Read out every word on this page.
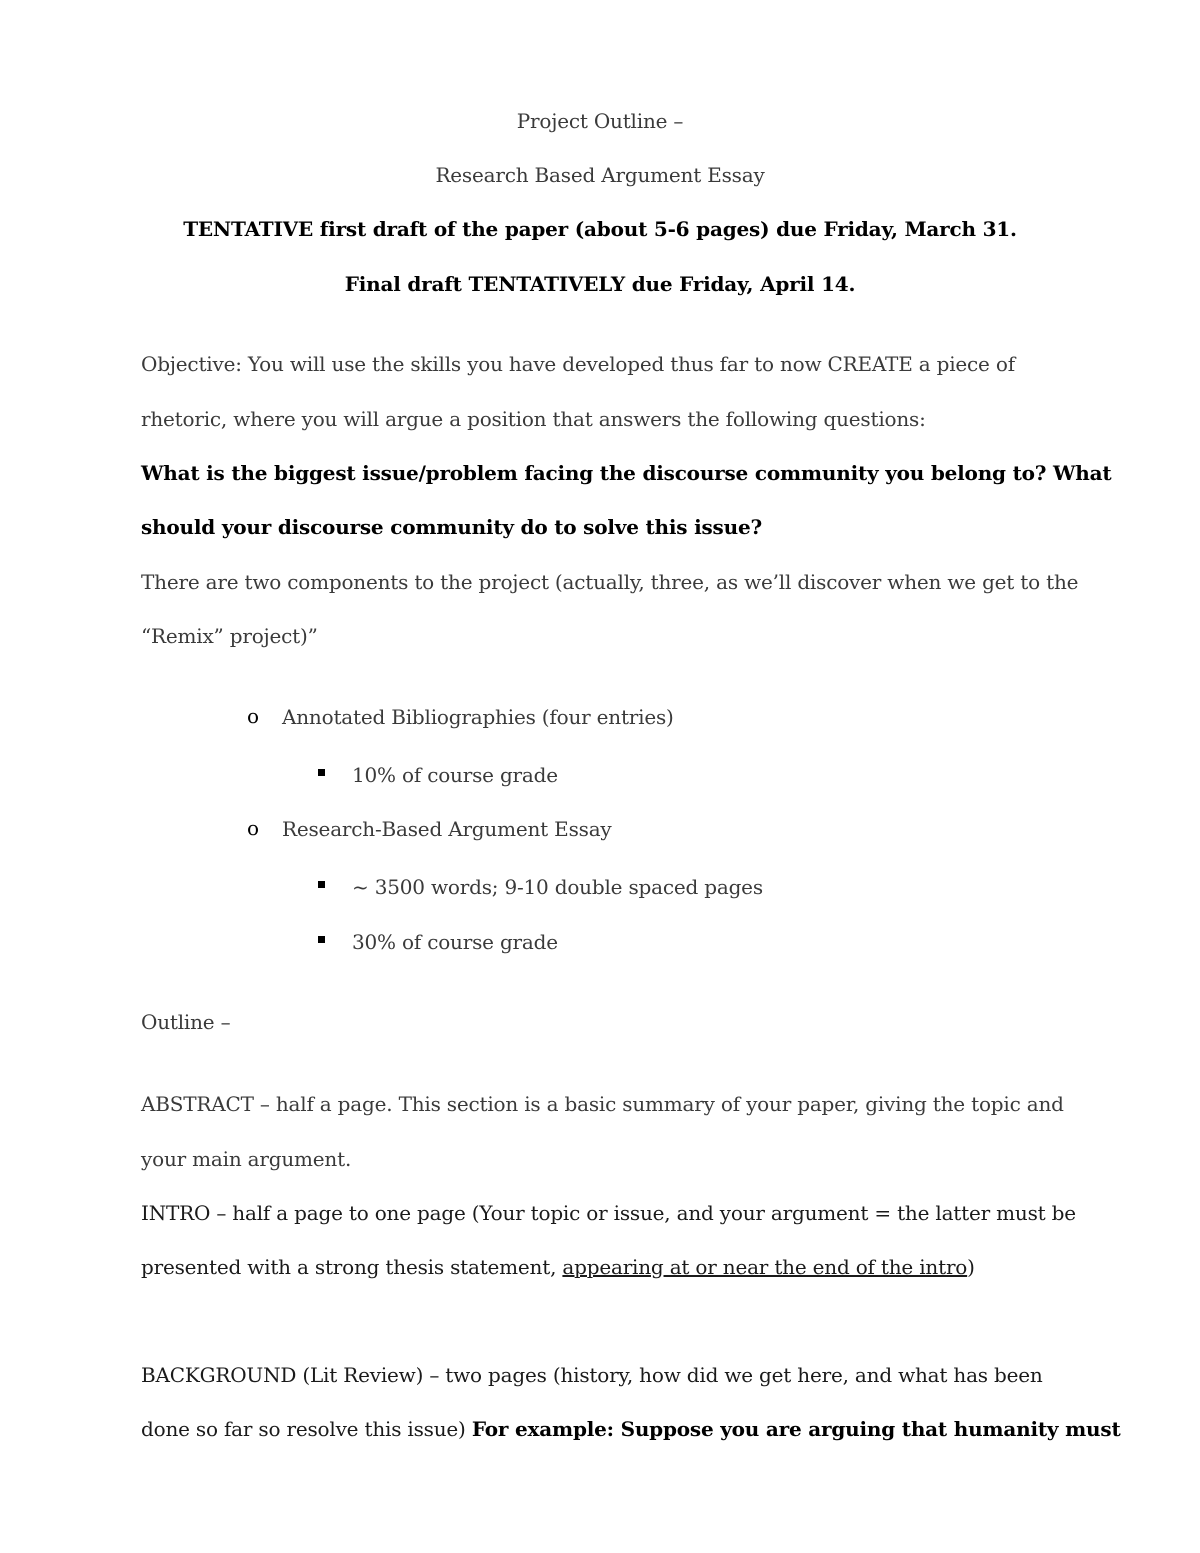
Project Outline –
Research Based Argument Essay
TENTATIVE first draft of the paper (about 5-6 pages) due Friday, March 31.
Final draft TENTATIVELY due Friday, April 14.
Objective: You will use the skills you have developed thus far to now CREATE a piece of
rhetoric, where you will argue a position that answers the following questions:
What is the biggest issue/problem facing the discourse community you belong to? What
should your discourse community do to solve this issue?
There are two components to the project (actually, three, as we’ll discover when we get to the
“Remix” project)”
o Annotated Bibliographies (four entries)
10% of course grade
o Research-Based Argument Essay
~ 3500 words; 9-10 double spaced pages
30% of course grade
Outline –
ABSTRACT – half a page. This section is a basic summary of your paper, giving the topic and
your main argument.
INTRO – half a page to one page (Your topic or issue, and your argument = the latter must be
presented with a strong thesis statement, appearing at or near the end of the intro)
BACKGROUND (Lit Review) – two pages (history, how did we get here, and what has been
done so far so resolve this issue) For example: Suppose you are arguing that humanity must
